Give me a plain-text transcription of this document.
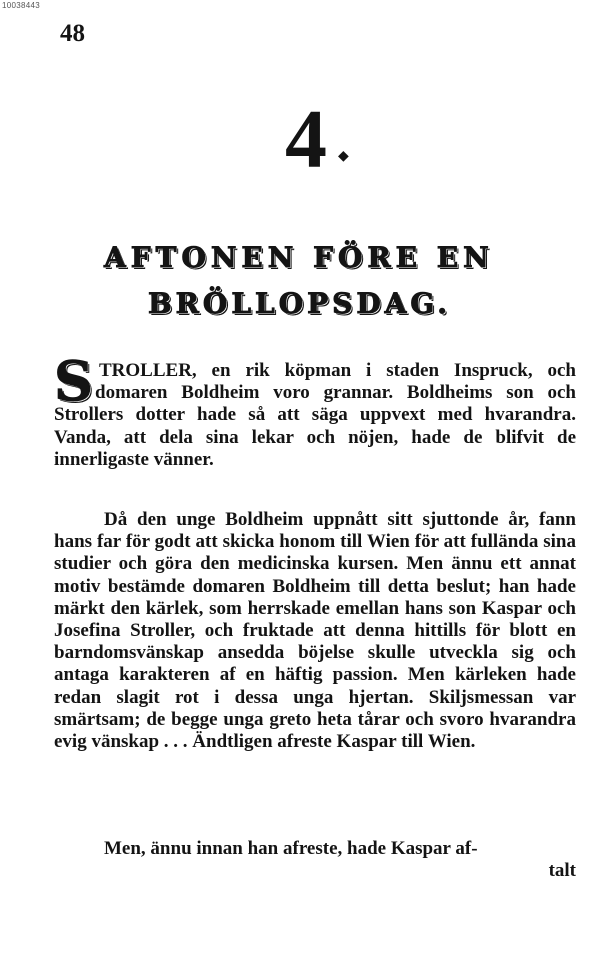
10038443
48
4 ◆
AFTONEN FÖRE EN
BRÖLLOPSDAG.
STROLLER, en rik köpman i staden Inspruck, och domaren Boldheim voro grannar. Boldheims son och Strollers dotter hade så att säga uppvext med hvarandra. Vanda, att dela sina lekar och nöjen, hade de blifvit de innerligaste vänner.
Då den unge Boldheim uppnått sitt sjuttonde år, fann hans far för godt att skicka honom till Wien för att fullända sina studier och göra den medicinska kursen. Men ännu ett annat motiv bestämde domaren Boldheim till detta beslut; han hade märkt den kärlek, som herrskade emellan hans son Kaspar och Josefina Stroller, och fruktade att denna hittills för blott en barndomsvänskap ansedda böjelse skulle utveckla sig och antaga karakteren af en häftig passion. Men kärleken hade redan slagit rot i dessa unga hjertan. Skiljsmessan var smärtsam; de begge unga greto heta tårar och svoro hvarandra evig vänskap . . . Ändtligen afreste Kaspar till Wien.
Men, ännu innan han afreste, hade Kaspar af-
talt
